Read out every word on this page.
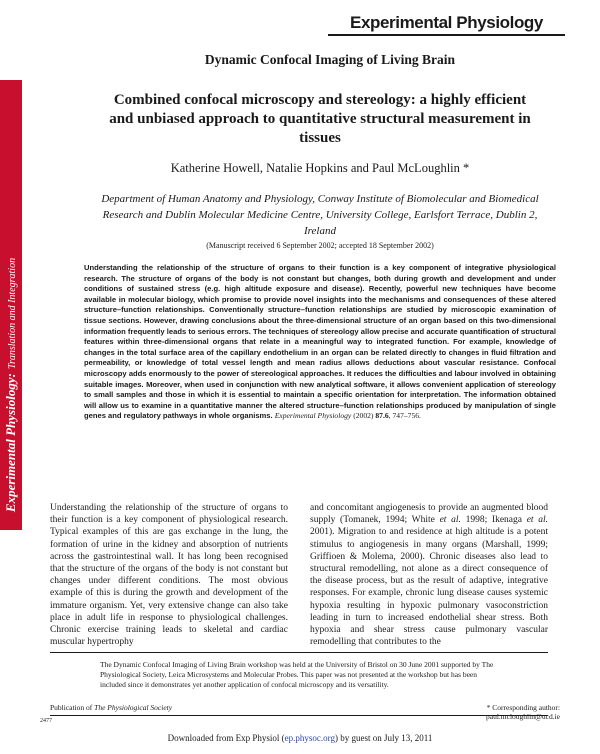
Experimental Physiology:Translation and Integration
Experimental Physiology
Dynamic Confocal Imaging of Living Brain
Combined confocal microscopy and stereology: a highly efficient and unbiased approach to quantitative structural measurement in tissues
Katherine Howell, Natalie Hopkins and Paul McLoughlin *
Department of Human Anatomy and Physiology, Conway Institute of Biomolecular and Biomedical Research and Dublin Molecular Medicine Centre, University College, Earlsfort Terrace, Dublin 2, Ireland
(Manuscript received 6 September 2002; accepted 18 September 2002)

Understanding the relationship of the structure of organs to their function is a key component of integrative physiological research. The structure of organs of the body is not constant but changes, both during growth and development and under conditions of sustained stress (e.g. high altitude exposure and disease). Recently, powerful new techniques have become available in molecular biology, which promise to provide novel insights into the mechanisms and consequences of these altered structure–function relationships. Conventionally structure–function relationships are studied by microscopic examination of tissue sections. However, drawing conclusions about the three-dimensional structure of an organ based on this two-dimensional information frequently leads to serious errors. The techniques of stereology allow precise and accurate quantification of structural features within three-dimensional organs that relate in a meaningful way to integrated function. For example, knowledge of changes in the total surface area of the capillary endothelium in an organ can be related directly to changes in fluid filtration and permeability, or knowledge of total vessel length and mean radius allows deductions about vascular resistance. Confocal microscopy adds enormously to the power of stereological approaches. It reduces the difficulties and labour involved in obtaining suitable images. Moreover, when used in conjunction with new analytical software, it allows convenient application of stereology to small samples and those in which it is essential to maintain a specific orientation for interpretation. The information obtained will allow us to examine in a quantitative manner the altered structure–function relationships produced by manipulation of single genes and regulatory pathways in whole organisms. Experimental Physiology (2002) 87.6, 747–756.

Understanding the relationship of the structure of organs to their function is a key component of physiological research. Typical examples of this are gas exchange in the lung, the formation of urine in the kidney and absorption of nutrients across the gastrointestinal wall. It has long been recognised that the structure of the organs of the body is not constant but changes under different conditions. The most obvious example of this is during the growth and development of the immature organism. Yet, very extensive change can also take place in adult life in response to physiological challenges. Chronic exercise training leads to skeletal and cardiac muscular hypertrophy

and concomitant angiogenesis to provide an augmented blood supply (Tomanek, 1994; White et al. 1998; Ikenaga et al. 2001). Migration to and residence at high altitude is a potent stimulus to angiogenesis in many organs (Marshall, 1999; Griffioen & Molema, 2000). Chronic diseases also lead to structural remodelling, not alone as a direct consequence of the disease process, but as the result of adaptive, integrative responses. For example, chronic lung disease causes systemic hypoxia resulting in hypoxic pulmonary vasoconstriction leading in turn to increased endothelial shear stress. Both hypoxia and shear stress cause pulmonary vascular remodelling that contributes to the

The Dynamic Confocal Imaging of Living Brain workshop was held at the University of Bristol on 30 June 2001 supported by The Physiological Society, Leica Microsystems and Molecular Probes. This paper was not presented at the workshop but has been included since it demonstrates yet another application of confocal microscopy and its versatility.

Publication of The Physiological Society	* Corresponding author: paul.mcloughlin@ucd.ie
2477
Downloaded from Exp Physiol (ep.physoc.org) by guest on July 13, 2011
